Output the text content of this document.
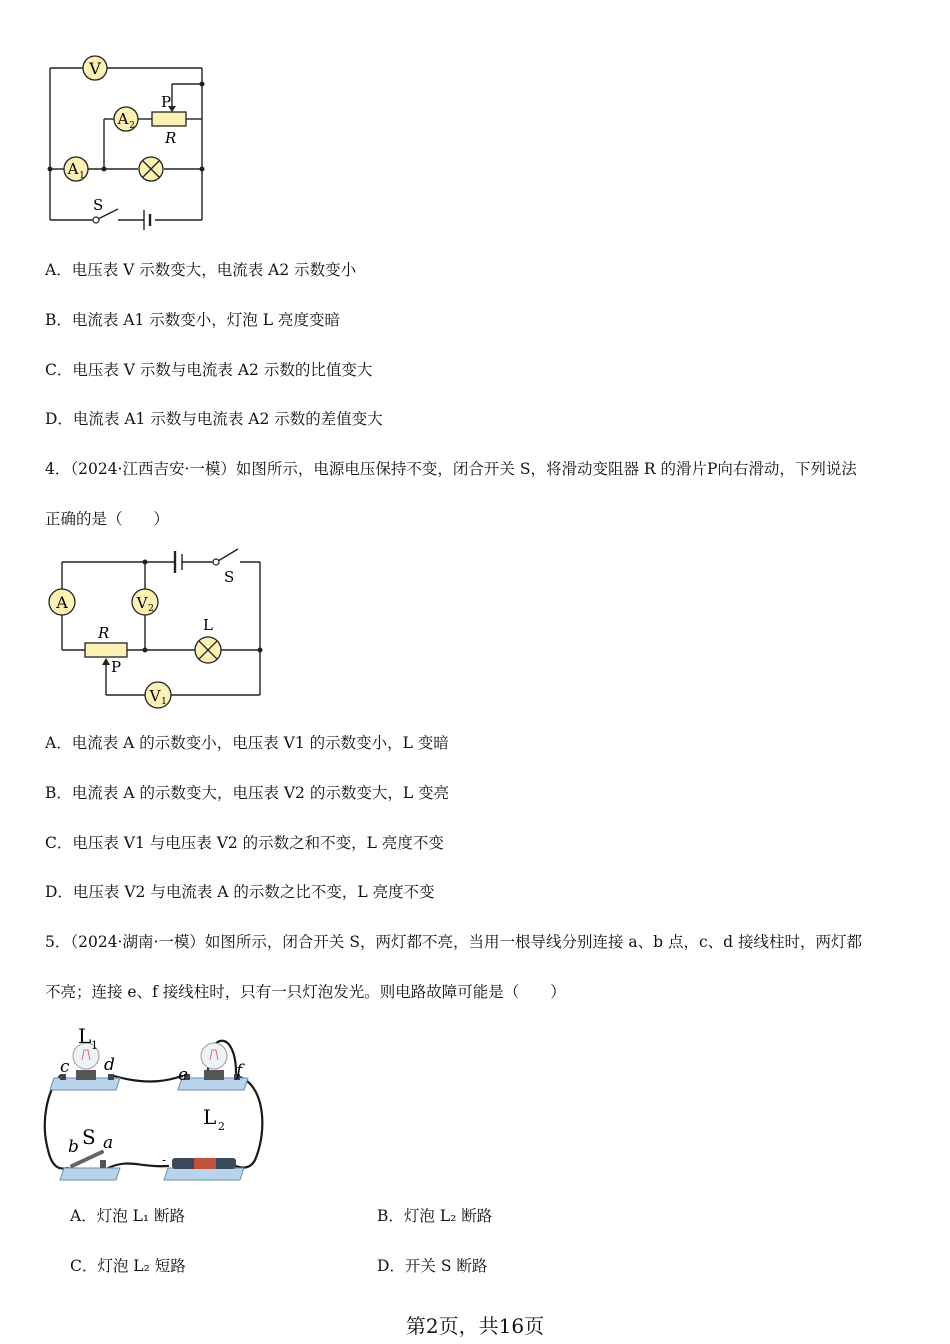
V
A 2
P
R
A 1
S
A．电压表 V 示数变大，电流表 A2 示数变小
B．电流表 A1 示数变小，灯泡 L 亮度变暗
C．电压表 V 示数与电流表 A2 示数的比值变大
D．电流表 A1 示数与电流表 A2 示数的差值变大
4．（2024·江西吉安·一模）如图所示，电源电压保持不变，闭合开关 S，将滑动变阻器 R 的滑片P向右滑动，下列说法
正确的是（　　）
S
A	V 2
R
P
L
V 1
A．电流表 A 的示数变小，电压表 V1 的示数变小，L 变暗
B．电流表 A 的示数变大，电压表 V2 的示数变大，L 变亮
C．电压表 V1 与电压表 V2 的示数之和不变，L 亮度不变
D．电压表 V2 与电流表 A 的示数之比不变，L 亮度不变
5．（2024·湖南·一模）如图所示，闭合开关 S，两灯都不亮，当用一根导线分别连接 a、b 点，c、d 接线柱时，两灯都
不亮；连接 e、f 接线柱时，只有一只灯泡发光。则电路故障可能是（　　）
L 1
c d	e	f
L 2
S
b a
-
A．灯泡 L₁ 断路	B．灯泡 L₂ 断路
C．灯泡 L₂ 短路	D．开关 S 断路
第2页，共16页
